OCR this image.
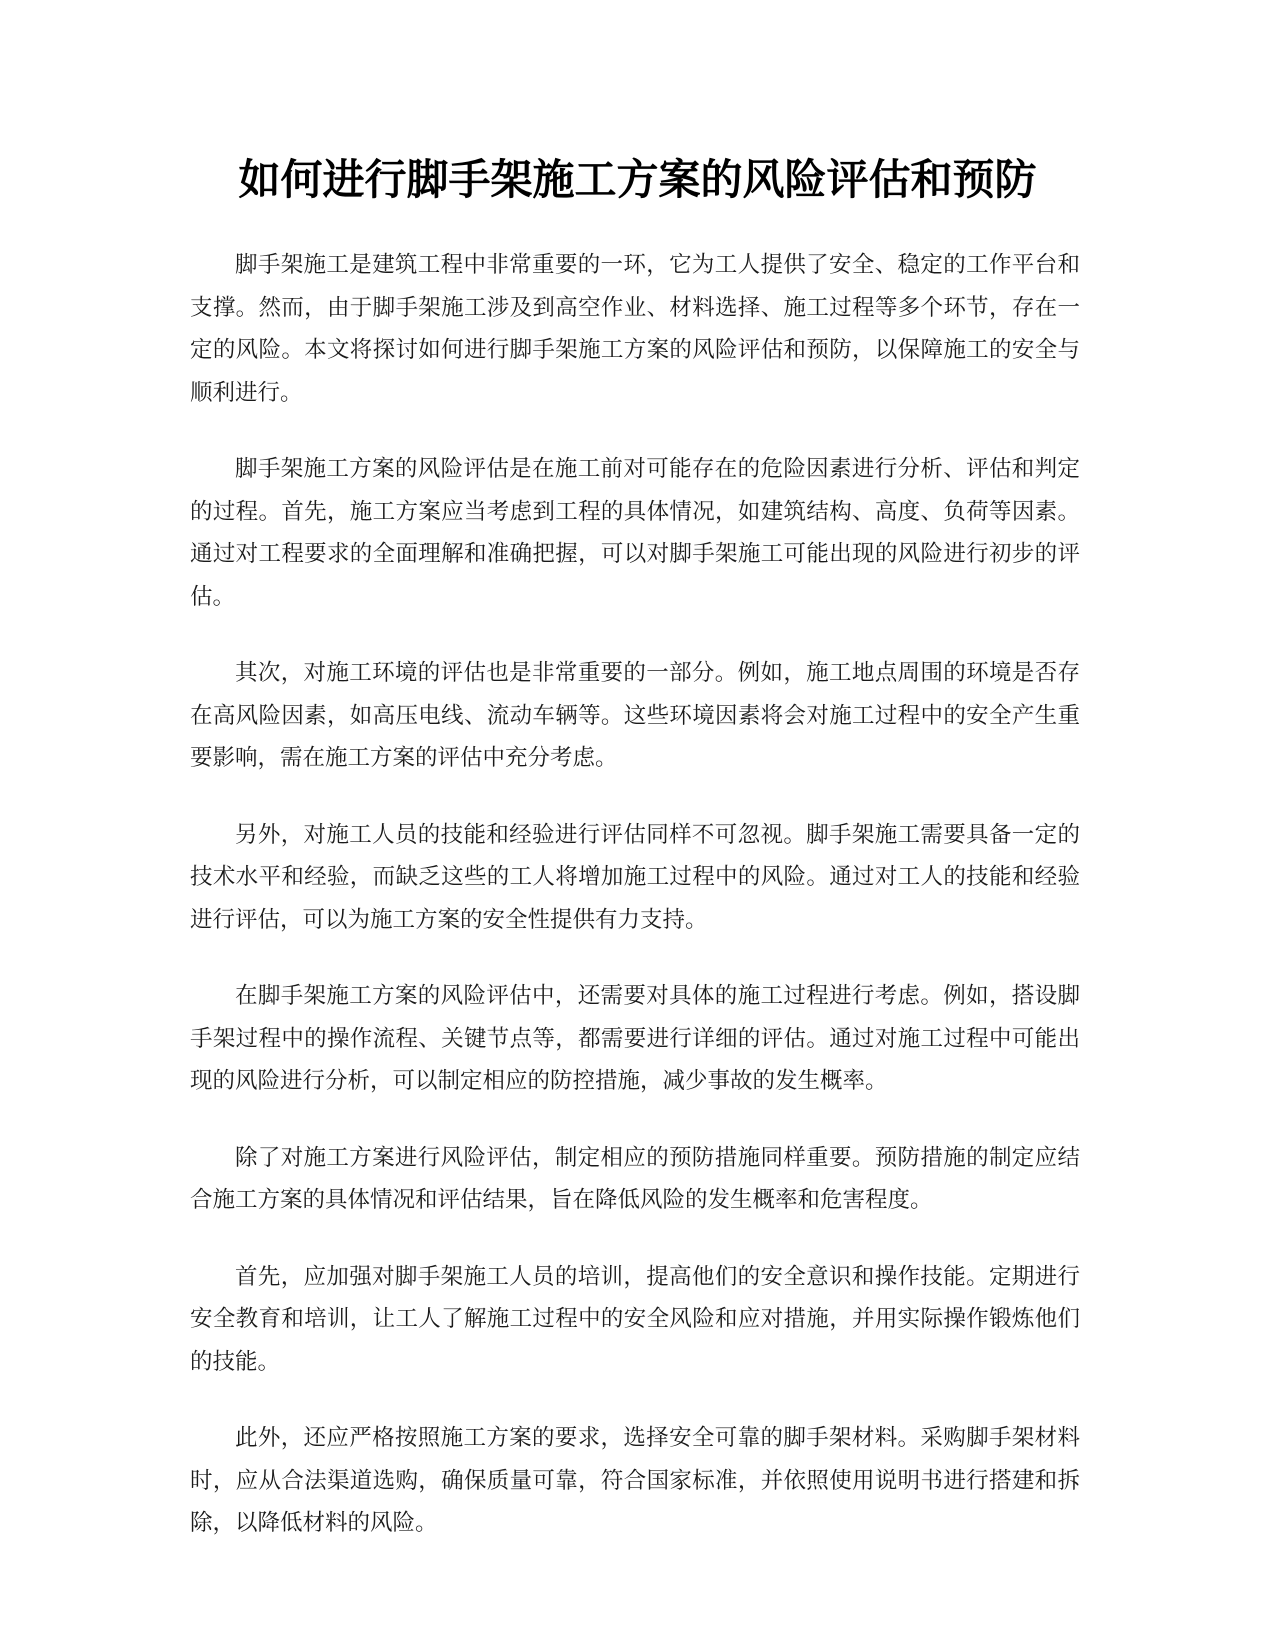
如何进行脚手架施工方案的风险评估和预防

脚手架施工是建筑工程中非常重要的一环，它为工人提供了安全、稳定的工作平台和支撑。然而，由于脚手架施工涉及到高空作业、材料选择、施工过程等多个环节，存在一定的风险。本文将探讨如何进行脚手架施工方案的风险评估和预防，以保障施工的安全与顺利进行。

脚手架施工方案的风险评估是在施工前对可能存在的危险因素进行分析、评估和判定的过程。首先，施工方案应当考虑到工程的具体情况，如建筑结构、高度、负荷等因素。通过对工程要求的全面理解和准确把握，可以对脚手架施工可能出现的风险进行初步的评估。

其次，对施工环境的评估也是非常重要的一部分。例如，施工地点周围的环境是否存在高风险因素，如高压电线、流动车辆等。这些环境因素将会对施工过程中的安全产生重要影响，需在施工方案的评估中充分考虑。

另外，对施工人员的技能和经验进行评估同样不可忽视。脚手架施工需要具备一定的技术水平和经验，而缺乏这些的工人将增加施工过程中的风险。通过对工人的技能和经验进行评估，可以为施工方案的安全性提供有力支持。

在脚手架施工方案的风险评估中，还需要对具体的施工过程进行考虑。例如，搭设脚手架过程中的操作流程、关键节点等，都需要进行详细的评估。通过对施工过程中可能出现的风险进行分析，可以制定相应的防控措施，减少事故的发生概率。

除了对施工方案进行风险评估，制定相应的预防措施同样重要。预防措施的制定应结合施工方案的具体情况和评估结果，旨在降低风险的发生概率和危害程度。

首先，应加强对脚手架施工人员的培训，提高他们的安全意识和操作技能。定期进行安全教育和培训，让工人了解施工过程中的安全风险和应对措施，并用实际操作锻炼他们的技能。

此外，还应严格按照施工方案的要求，选择安全可靠的脚手架材料。采购脚手架材料时，应从合法渠道选购，确保质量可靠，符合国家标准，并依照使用说明书进行搭建和拆除，以降低材料的风险。
